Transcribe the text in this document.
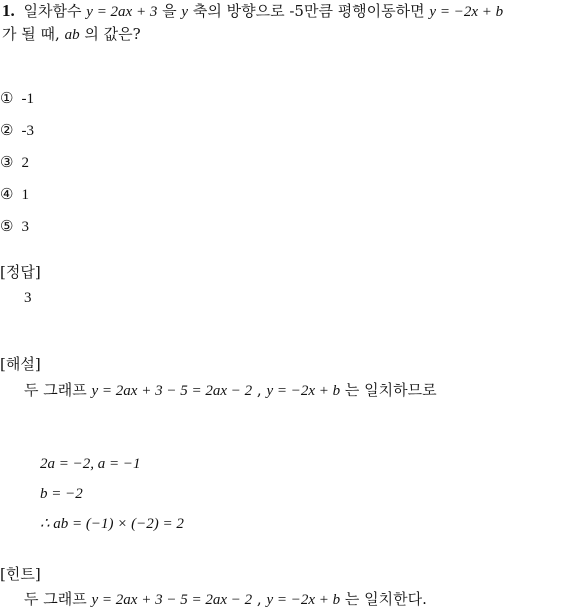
1. 일차함수 y = 2ax + 3 을 y 축의 방향으로 -5만큼 평행이동하면 y = −2x + b
가 될 때, ab 의 값은?
① -1
② -3
③ 2
④ 1
⑤ 3
[정답]
3
[해설]
두 그래프 y = 2ax + 3 − 5 = 2ax − 2 , y = −2x + b 는 일치하므로
2a = −2, a = −1
b = −2
∴ ab = (−1) × (−2) = 2
[힌트]
두 그래프 y = 2ax + 3 − 5 = 2ax − 2 , y = −2x + b 는 일치한다.
